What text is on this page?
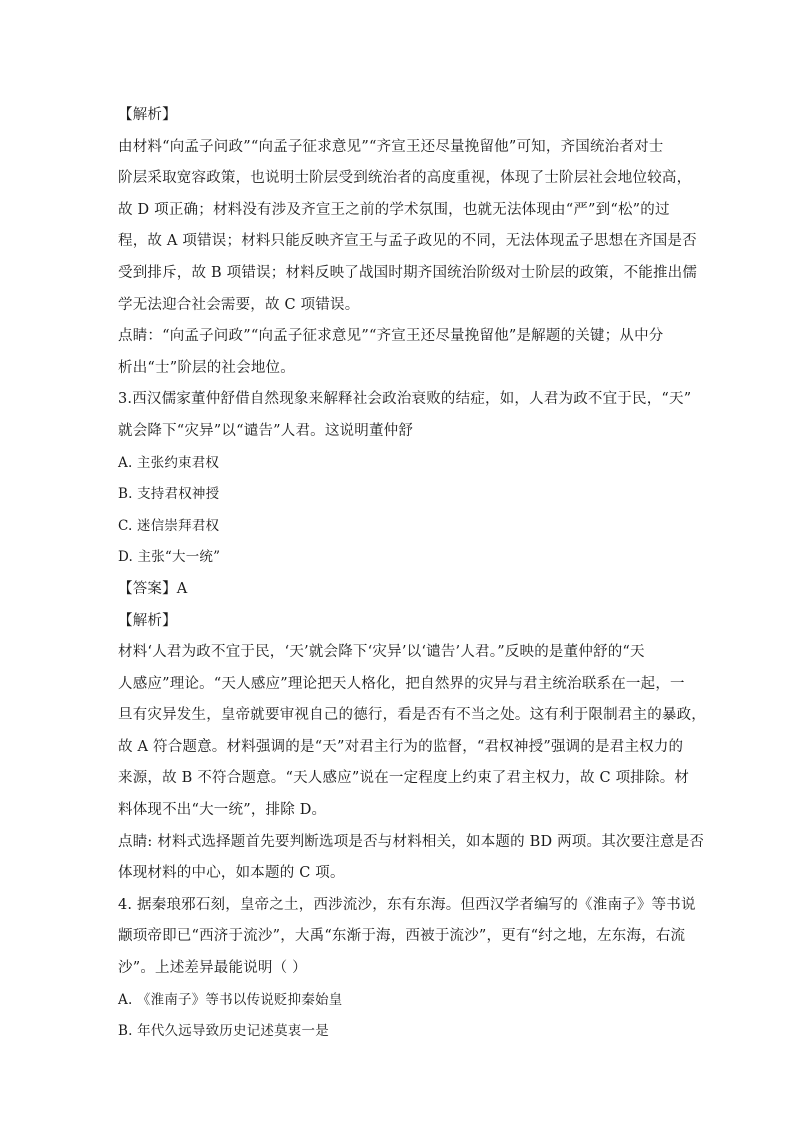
【解析】
由材料“向孟子问政”“向孟子征求意见”“齐宣王还尽量挽留他”可知，齐国统治者对士
阶层采取宽容政策，也说明士阶层受到统治者的高度重视，体现了士阶层社会地位较高，
故 D 项正确；材料没有涉及齐宣王之前的学术氛围，也就无法体现由“严”到“松”的过
程，故 A 项错误；材料只能反映齐宣王与孟子政见的不同，无法体现孟子思想在齐国是否
受到排斥，故 B 项错误；材料反映了战国时期齐国统治阶级对士阶层的政策，不能推出儒
学无法迎合社会需要，故 C 项错误。
点睛：“向孟子问政”“向孟子征求意见”“齐宣王还尽量挽留他”是解题的关键；从中分
析出“士”阶层的社会地位。
3.西汉儒家董仲舒借自然现象来解释社会政治衰败的结症，如，人君为政不宜于民，“天”
就会降下“灾异”以“谴告”人君。这说明董仲舒
A. 主张约束君权
B. 支持君权神授
C. 迷信崇拜君权
D. 主张“大一统”
【答案】A
【解析】
材料‘人君为政不宜于民，‘天’就会降下‘灾异’以‘谴告’人君。”反映的是董仲舒的“天
人感应”理论。“天人感应”理论把天人格化，把自然界的灾异与君主统治联系在一起，一
旦有灾异发生，皇帝就要审视自己的德行，看是否有不当之处。这有利于限制君主的暴政，
故 A 符合题意。材料强调的是“天”对君主行为的监督，“君权神授”强调的是君主权力的
来源，故 B 不符合题意。“天人感应”说在一定程度上约束了君主权力，故 C 项排除。材
料体现不出“大一统”，排除 D。
点睛: 材料式选择题首先要判断选项是否与材料相关，如本题的 BD 两项。其次要注意是否
体现材料的中心，如本题的 C 项。
4. 据秦琅邪石刻，皇帝之土，西涉流沙，东有东海。但西汉学者编写的《淮南子》等书说
颛顼帝即已“西济于流沙”，大禹“东渐于海，西被于流沙”，更有“纣之地，左东海，右流
沙”。上述差异最能说明（ ）
A. 《淮南子》等书以传说贬抑秦始皇
B. 年代久远导致历史记述莫衷一是
